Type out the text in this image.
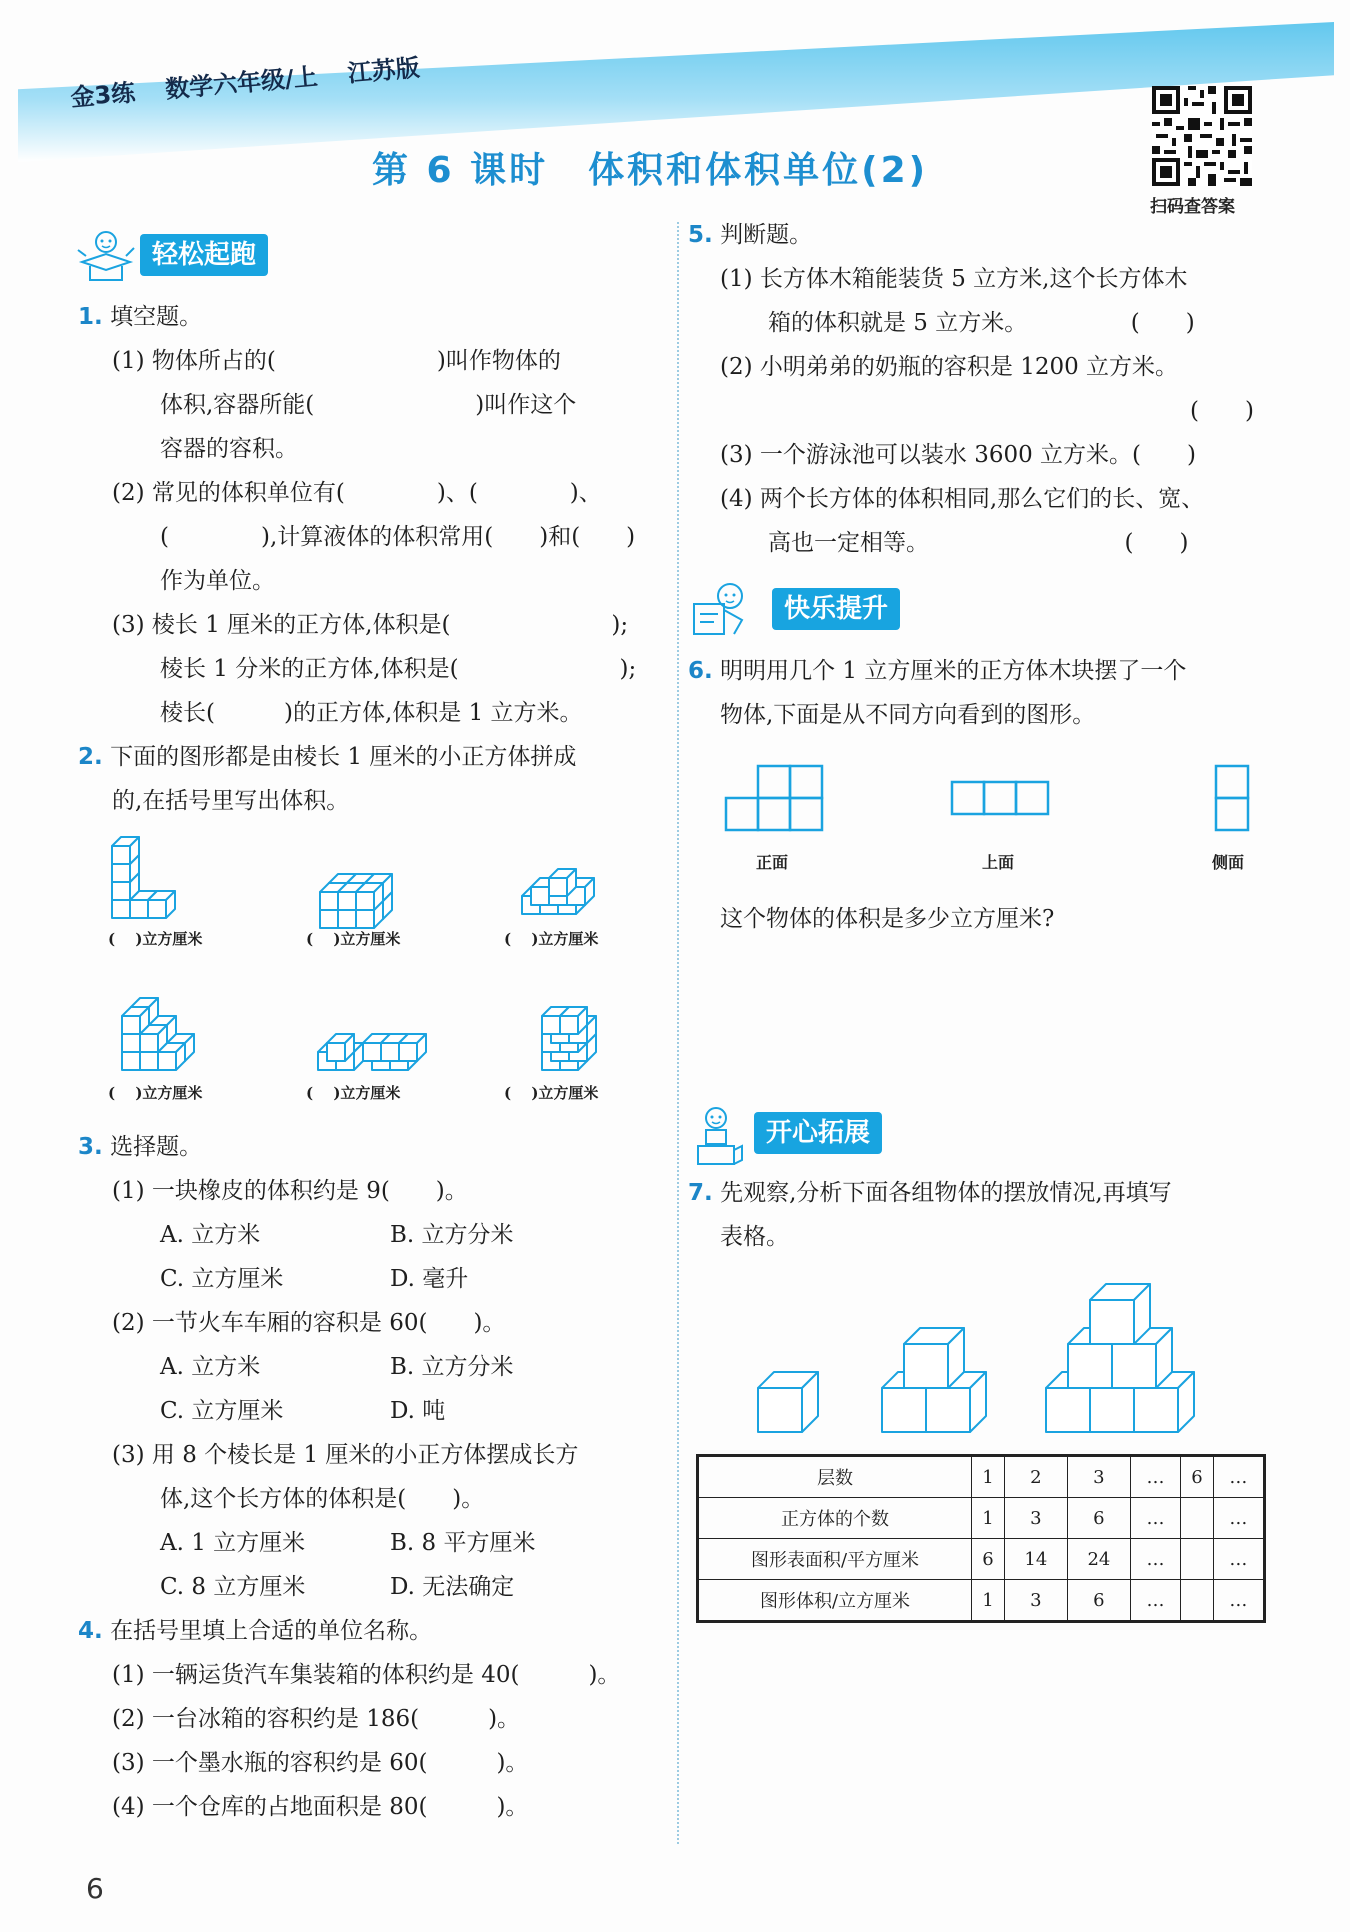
金3练 数学六年级/上 江苏版
第 6 课时 体积和体积单位(2)
扫码查答案
轻松起跑
1. 填空题。
(1) 物体所占的(　　　　　　　)叫作物体的
体积,容器所能(　　　　　　　)叫作这个
容器的容积。
(2) 常见的体积单位有(　　　　)、(　　　　)、
(　　　　),计算液体的体积常用(　　)和(　　)
作为单位。
(3) 棱长 1 厘米的正方体,体积是(　　　　　　　);
棱长 1 分米的正方体,体积是(　　　　　　　);
棱长(　　　)的正方体,体积是 1 立方米。
2. 下面的图形都是由棱长 1 厘米的小正方体拼成
的,在括号里写出体积。
(　 )立方厘米	(　 )立方厘米	(　 )立方厘米
(　 )立方厘米	(　 )立方厘米	(　 )立方厘米
3. 选择题。
(1) 一块橡皮的体积约是 9(　　)。
A. 立方米	B. 立方分米
C. 立方厘米	D. 毫升
(2) 一节火车车厢的容积是 60(　　)。
A. 立方米	B. 立方分米
C. 立方厘米	D. 吨
(3) 用 8 个棱长是 1 厘米的小正方体摆成长方
体,这个长方体的体积是(　　)。
A. 1 立方厘米	B. 8 平方厘米
C. 8 立方厘米	D. 无法确定
4. 在括号里填上合适的单位名称。
(1) 一辆运货汽车集装箱的体积约是 40(　　　)。
(2) 一台冰箱的容积约是 186(　　　)。
(3) 一个墨水瓶的容积约是 60(　　　)。
(4) 一个仓库的占地面积是 80(　　　)。
5. 判断题。
(1) 长方体木箱能装货 5 立方米,这个长方体木
箱的体积就是 5 立方米。　　　　　(　　)
(2) 小明弟弟的奶瓶的容积是 1200 立方米。
(　　)
(3) 一个游泳池可以装水 3600 立方米。(　　)
(4) 两个长方体的体积相同,那么它们的长、宽、
高也一定相等。　　　　　　　　　(　　)
快乐提升
6. 明明用几个 1 立方厘米的正方体木块摆了一个
物体,下面是从不同方向看到的图形。
正面	上面	侧面
这个物体的体积是多少立方厘米?
开心拓展
7. 先观察,分析下面各组物体的摆放情况,再填写
表格。
层数	1	2	3	…	6	…
正方体的个数	1	3	6	…		…
图形表面积/平方厘米	6	14	24	…		…
图形体积/立方厘米	1	3	6	…		…
6
